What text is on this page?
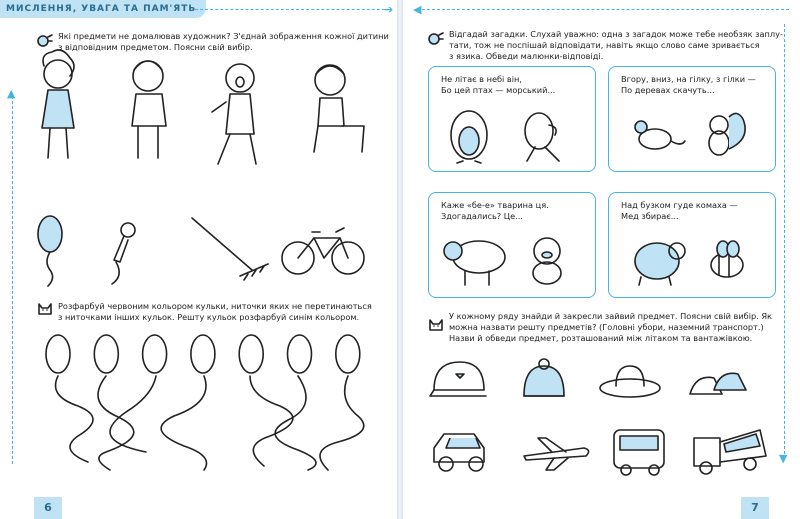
МИСЛЕННЯ, УВАГА ТА ПАМ'ЯТЬ	➔
▲
6
Які предмети не домалював художник? З'єднай зображення кожної дитини
з відповідним предметом. Поясни свій вибір.
Розфарбуй червоним кольором кульки, ниточки яких не перетинаються
з ниточками інших кульок. Решту кульок розфарбуй синім кольором.
◀
▼
7
Відгадай загадки. Слухай уважно: одна з загадок може тебе необзяк заплу-
тати, тож не поспішай відповідати, навіть якщо слово саме зривається
з язика. Обведи малюнки-відповіді.
Не літає в небі він,
Бо цей птах — морський...
Вгору, вниз, на гілку, з гілки —
По деревах скачуть...
Каже «бе-е» тварина ця.
Здогадались? Це...
Над бузком гуде комаха —
Мед збирає...
У кожному ряду знайди й закресли зайвий предмет. Поясни свій вибір. Як
можна назвати решту предметів? (Головні убори, наземний транспорт.)
Назви й обведи предмет, розташований між літаком та вантажівкою.
